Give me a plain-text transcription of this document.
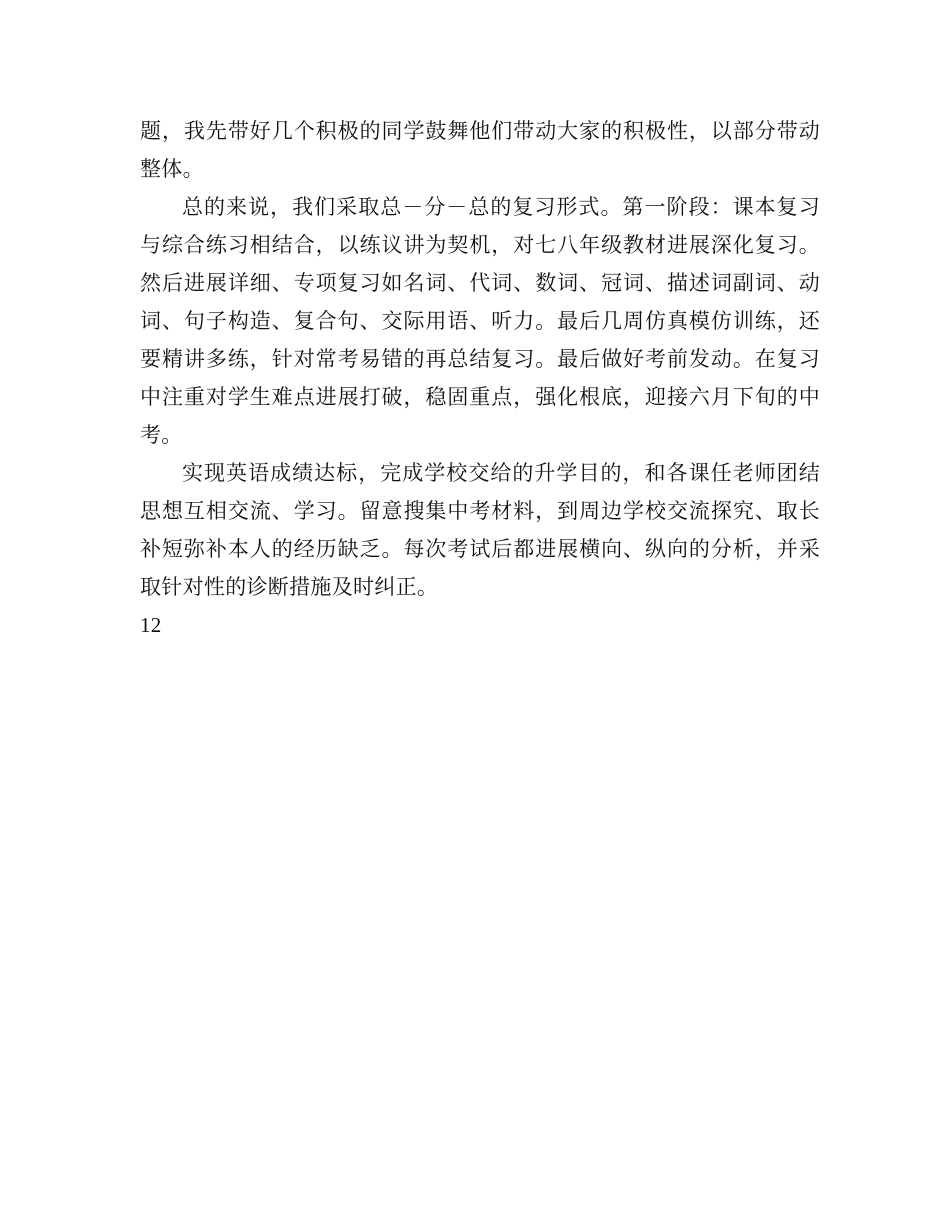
题，我先带好几个积极的同学鼓舞他们带动大家的积极性，以部分带动整体。

总的来说，我们采取总－分－总的复习形式。第一阶段：课本复习与综合练习相结合，以练议讲为契机，对七八年级教材进展深化复习。然后进展详细、专项复习如名词、代词、数词、冠词、描述词副词、动词、句子构造、复合句、交际用语、听力。最后几周仿真模仿训练，还要精讲多练，针对常考易错的再总结复习。最后做好考前发动。在复习中注重对学生难点进展打破，稳固重点，强化根底，迎接六月下旬的中考。

实现英语成绩达标，完成学校交给的升学目的，和各课任老师团结思想互相交流、学习。留意搜集中考材料，到周边学校交流探究、取长补短弥补本人的经历缺乏。每次考试后都进展横向、纵向的分析，并采取针对性的诊断措施及时纠正。

12
